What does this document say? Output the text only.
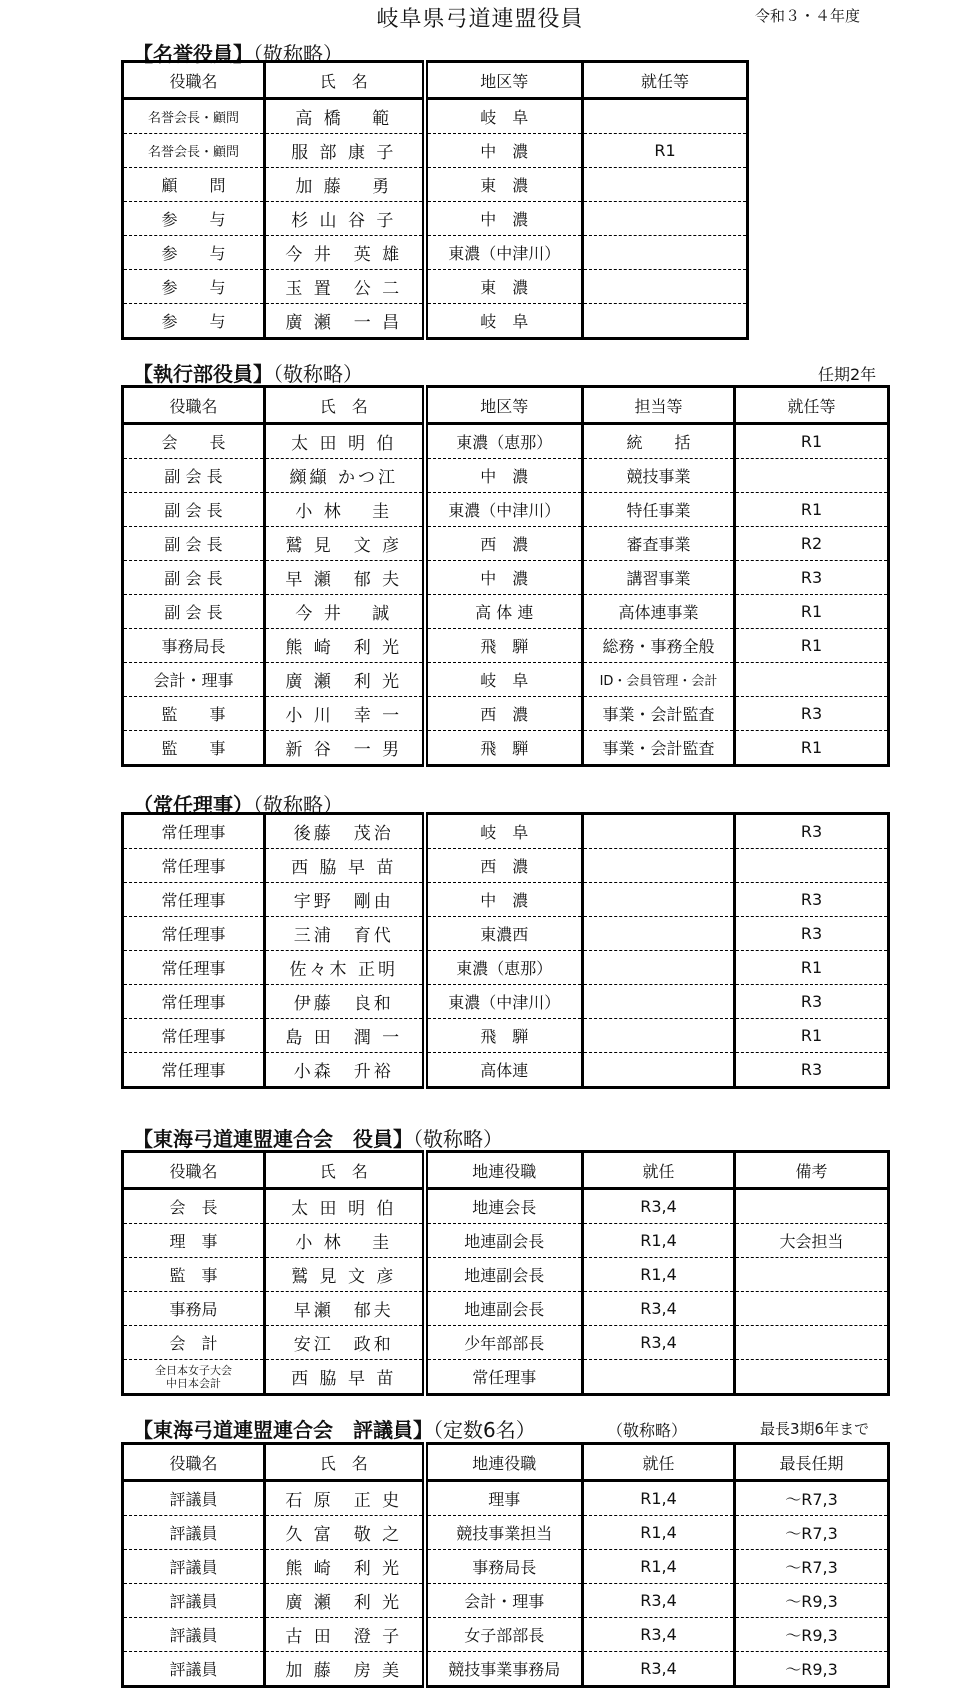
岐阜県弓道連盟役員	令和３・４年度
【名誉役員】（敬称略）
役職名	氏　名	地区等	就任等
名誉会長・顧問	高 橋　 範	岐　阜	
名誉会長・顧問	服 部 康 子	中　濃	R1
顧　　問	加 藤　 勇	東　濃	
参　　与	杉 山 谷 子	中　濃	
参　　与	今 井　英 雄	東濃（中津川）	
参　　与	玉 置　公 二	東　濃	
参　　与	廣 瀬　一 昌	岐　阜	
【執行部役員】（敬称略）	任期2年
役職名	氏　名	地区等	担当等	就任等
会　　長	太 田 明 伯	東濃（恵那）	統　　括	R1
副 会 長	纐纈 かつ江	中　濃	競技事業	
副 会 長	小 林　 圭	東濃（中津川）	特任事業	R1
副 会 長	鷲 見　文 彦	西　濃	審査事業	R2
副 会 長	早 瀬　郁 夫	中　濃	講習事業	R3
副 会 長	今 井　 誠	高 体 連	高体連事業	R1
事務局長	熊 崎　利 光	飛　騨	総務・事務全般	R1
会計・理事	廣 瀬　利 光	岐　阜	ID・会員管理・会計	
監　　事	小 川　幸 一	西　濃	事業・会計監査	R3
監　　事	新 谷　一 男	飛　騨	事業・会計監査	R1
（常任理事）（敬称略）
常任理事	後藤　茂治	岐　阜		R3
常任理事	西 脇 早 苗	西　濃		
常任理事	宇野　剛由	中　濃		R3
常任理事	三浦　育代	東濃西		R3
常任理事	佐々木 正明	東濃（恵那）		R1
常任理事	伊藤　良和	東濃（中津川）		R3
常任理事	島 田　潤 一	飛　騨		R1
常任理事	小森　升裕	高体連		R3
【東海弓道連盟連合会　役員】（敬称略）
役職名	氏　名	地連役職	就任	備考
会　長	太 田 明 伯	地連会長	R3,4	
理　事	小 林　 圭	地連副会長	R1,4	大会担当
監　事	鷲 見 文 彦	地連副会長	R1,4	
事務局	早瀬　郁夫	地連副会長	R3,4	
会　計	安江　政和	少年部部長	R3,4	

全日本女子大会
中日本会計	西 脇 早 苗	常任理事		
【東海弓道連盟連合会　評議員】（定数6名）	（敬称略）	最長3期6年まで
役職名	氏　名	地連役職	就任	最長任期
評議員	石 原　正 史	理事	R1,4	～R7,3
評議員	久 富　敬 之	競技事業担当	R1,4	～R7,3
評議員	熊 崎　利 光	事務局長	R1,4	～R7,3
評議員	廣 瀬　利 光	会計・理事	R3,4	～R9,3
評議員	古 田　澄 子	女子部部長	R3,4	～R9,3
評議員	加 藤　房 美	競技事業事務局	R3,4	～R9,3
